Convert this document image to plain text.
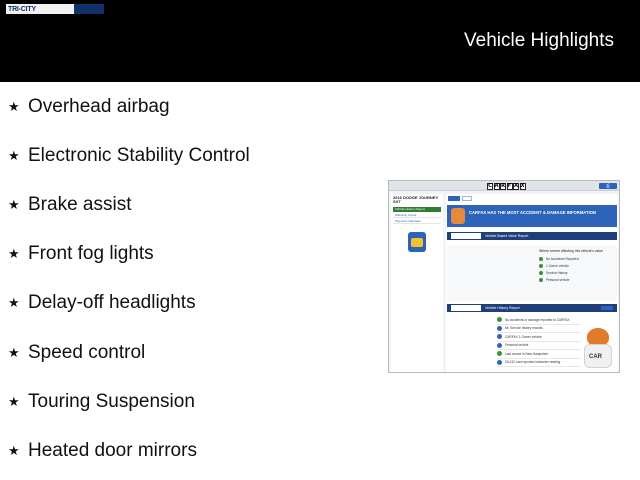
TRI-CITY
Vehicle Highlights
★ Overhead airbag
★ Electronic Stability Control
★ Brake assist
★ Front fog lights
★ Delay-off headlights
★ Speed control
★ Touring Suspension
★ Heated door mirrors
C A R F A X	⎙
2016 DODGE JOURNEY SXT
Vehicle History Report
Warranty Check
Payment Calculator
CARFAX HAS THE MOST ACCIDENT & DAMAGE INFORMATION
Vehicle Based Value Report
Where severe affecting this vehicle's value
No Accidents Reported
1 Owner vehicle
Service History
Personal vehicle
Vehicle History Report
No accidents or damage reported to CARFAX
Mr. Service history records
CARFAX 1-Owner vehicle
Personal vehicle
Last owned in New Hampshire
26,242 Last reported odometer reading
CAR
